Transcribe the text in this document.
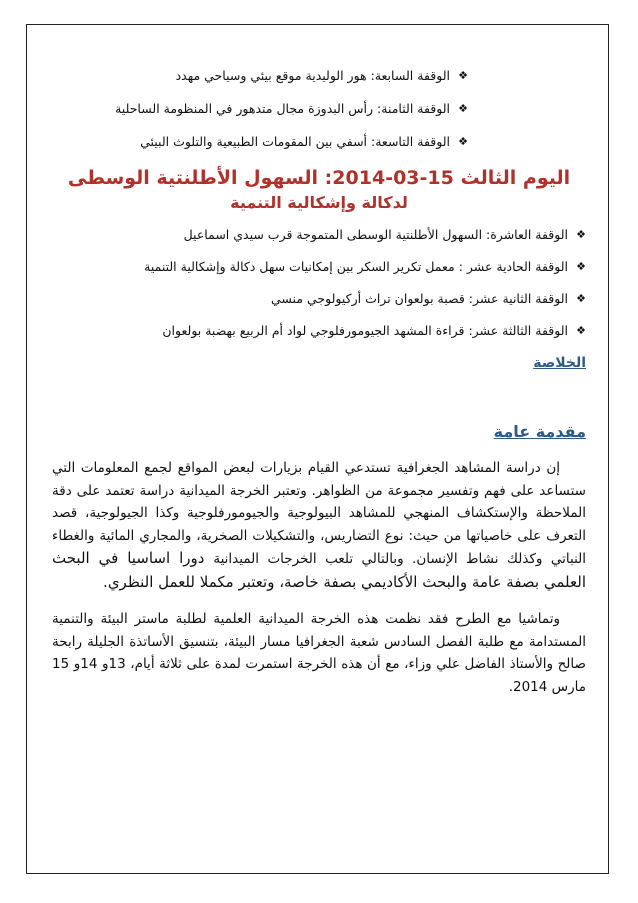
❖
الوقفة السابعة: هور الوليدية موقع بيئي وسياحي مهدد
❖
الوقفة الثامنة: رأس البدوزة مجال متدهور في المنظومة الساحلية
❖
الوقفة التاسعة: أسفي بين المقومات الطبيعية والتلوث البيئي
اليوم الثالث 15-03-2014: السهول الأطلنتية الوسطى
لدكالة وإشكالية التنمية
❖
الوقفة العاشرة: السهول الأطلنتية الوسطى المتموجة قرب سيدي اسماعيل
❖
الوقفة الحادية عشر : معمل تكرير السكر بين إمكانيات سهل دكالة وإشكالية التنمية
❖
الوقفة الثانية عشر: قصبة بولعوان تراث أركيولوجي منسي
❖
الوقفة الثالثة عشر: قراءة المشهد الجيومورفلوجي لواد أم الربيع بهضبة بولعوان
الخلاصة
مقدمة عامة

إن دراسة المشاهد الجغرافية تستدعي القيام بزيارات لبعض المواقع لجمع المعلومات التي ستساعد على فهم وتفسير مجموعة من الظواهر. وتعتبر الخرجة الميدانية دراسة تعتمد على دقة الملاحظة والإستكشاف المنهجي للمشاهد البيولوجية والجيومورفلوجية وكذا الجيولوجية، قصد التعرف على خاصياتها من حيث: نوع التضاريس، والتشكيلات الصخرية، والمجاري المائية والغطاء النباتي وكذلك نشاط الإنسان. وبالتالي تلعب الخرجات الميدانية دورا اساسيا في البحث العلمي بصفة عامة والبحث الأكاديمي بصفة خاصة، وتعتبر مكملا للعمل النظري.

وتماشيا مع الطرح فقد نظمت هذه الخرجة الميدانية العلمية لطلبة ماستر البيئة والتنمية المستدامة مع طلبة الفصل السادس شعبة الجغرافيا مسار البيئة، بتنسيق الأساتذة الجليلة رابحة صالح والأستاذ الفاضل علي وزاء، مع أن هذه الخرجة استمرت لمدة على ثلاثة أيام، 13و 14و 15 مارس 2014.
